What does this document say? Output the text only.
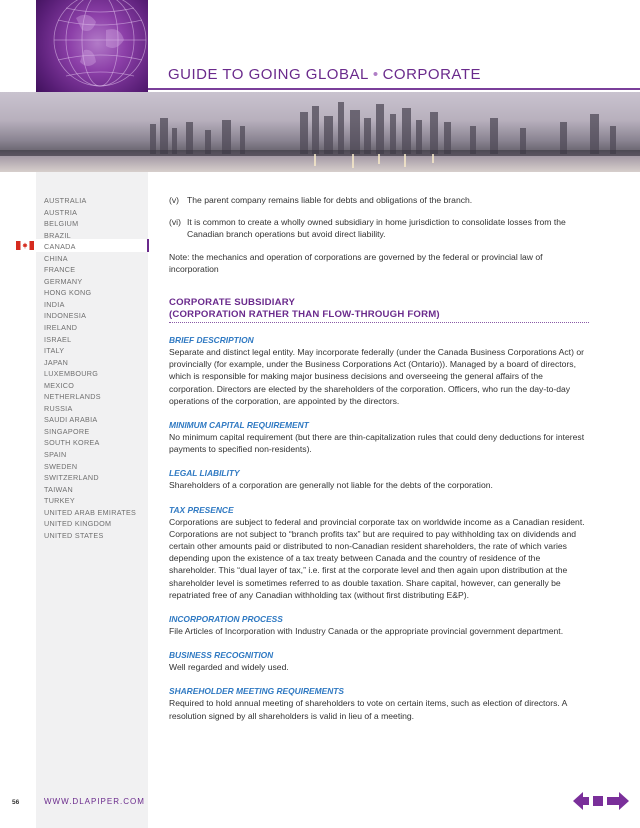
GUIDE TO GOING GLOBAL • CORPORATE
AUSTRALIA
AUSTRIA
BELGIUM
BRAZIL
CANADA
CHINA
FRANCE
GERMANY
HONG KONG
INDIA
INDONESIA
IRELAND
ISRAEL
ITALY
JAPAN
LUXEMBOURG
MEXICO
NETHERLANDS
RUSSIA
SAUDI ARABIA
SINGAPORE
SOUTH KOREA
SPAIN
SWEDEN
SWITZERLAND
TAIWAN
TURKEY
UNITED ARAB EMIRATES
UNITED KINGDOM
UNITED STATES
(v) The parent company remains liable for debts and obligations of the branch.
(vi) It is common to create a wholly owned subsidiary in home jurisdiction to consolidate losses from the Canadian branch operations but avoid direct liability.

Note: the mechanics and operation of corporations are governed by the federal or provincial law of incorporation

CORPORATE SUBSIDIARY
(CORPORATION RATHER THAN FLOW-THROUGH FORM)
BRIEF DESCRIPTION

Separate and distinct legal entity. May incorporate federally (under the Canada Business Corporations Act) or provincially (for example, under the Business Corporations Act (Ontario)). Managed by a board of directors, which is responsible for making major business decisions and overseeing the general affairs of the corporation. Directors are elected by the shareholders of the corporation. Officers, who run the day-to-day operations of the corporation, are appointed by the directors.

MINIMUM CAPITAL REQUIREMENT

No minimum capital requirement (but there are thin-capitalization rules that could deny deductions for interest payments to specified non-residents).

LEGAL LIABILITY

Shareholders of a corporation are generally not liable for the debts of the corporation.

TAX PRESENCE

Corporations are subject to federal and provincial corporate tax on worldwide income as a Canadian resident. Corporations are not subject to “branch profits tax” but are required to pay withholding tax on dividends and certain other amounts paid or distributed to non-Canadian resident shareholders, the rate of which varies depending upon the existence of a tax treaty between Canada and the country of residence of the shareholder. This “dual layer of tax,” i.e. first at the corporate level and then again upon distribution at the shareholder level is sometimes referred to as double taxation. Share capital, however, can generally be repatriated free of any Canadian withholding tax (without first distributing E&P).

INCORPORATION PROCESS

File Articles of Incorporation with Industry Canada or the appropriate provincial government department.

BUSINESS RECOGNITION

Well regarded and widely used.

SHAREHOLDER MEETING REQUIREMENTS

Required to hold annual meeting of shareholders to vote on certain items, such as election of directors. A resolution signed by all shareholders is valid in lieu of a meeting.

56	WWW.DLAPIPER.COM
